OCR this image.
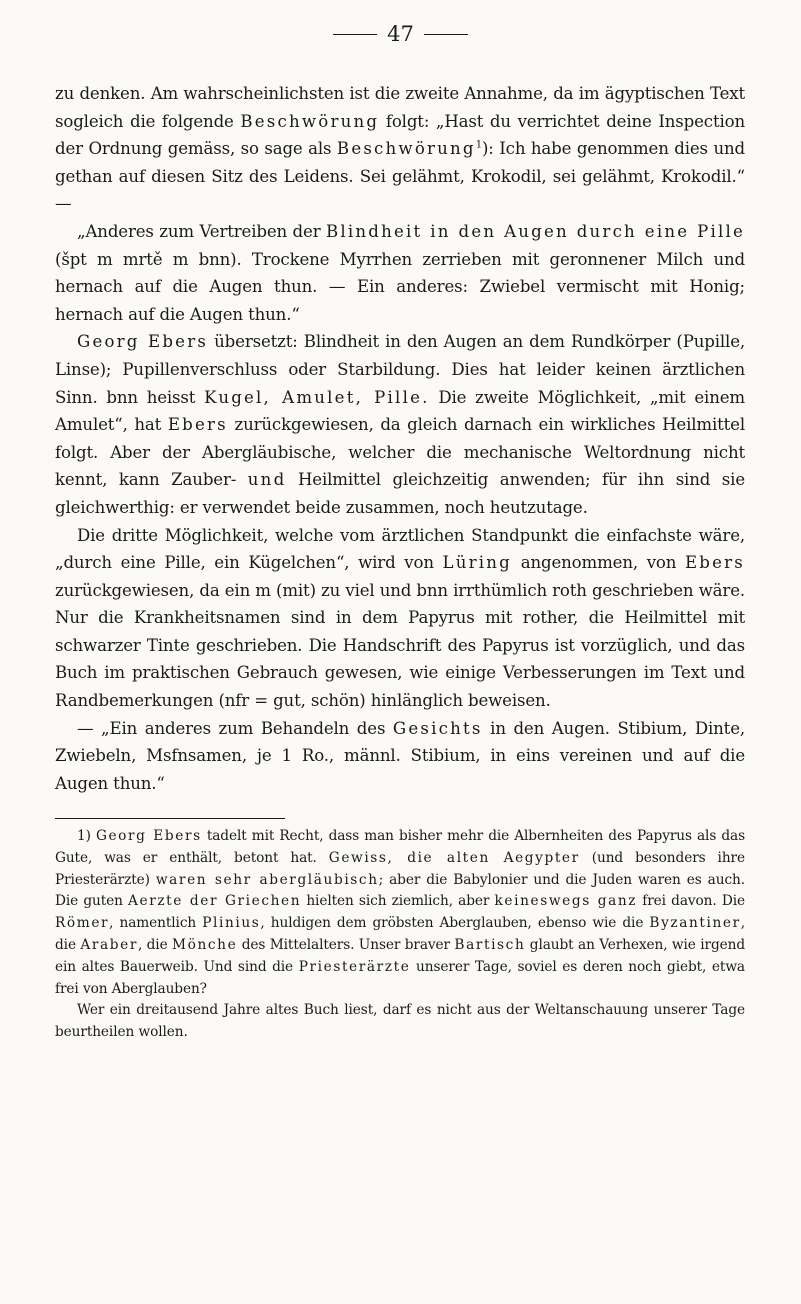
47

zu denken. Am wahrscheinlichsten ist die zweite Annahme, da im ägyptischen Text sogleich die folgende Beschwörung folgt: „Hast du verrichtet deine Inspection der Ordnung gemäss, so sage als Beschwörung$^1$): Ich habe genommen dies und gethan auf diesen Sitz des Leidens. Sei gelähmt, Krokodil, sei gelähmt, Krokodil.“ —

„Anderes zum Vertreiben der Blindheit in den Augen durch eine Pille (špt m mrtě m bnn). Trockene Myrrhen zerrieben mit geronnener Milch und hernach auf die Augen thun. — Ein anderes: Zwiebel vermischt mit Honig; hernach auf die Augen thun.“

Georg Ebers übersetzt: Blindheit in den Augen an dem Rundkörper (Pupille, Linse); Pupillenverschluss oder Starbildung. Dies hat leider keinen ärztlichen Sinn. bnn heisst Kugel, Amulet, Pille. Die zweite Möglichkeit, „mit einem Amulet“, hat Ebers zurückgewiesen, da gleich darnach ein wirkliches Heilmittel folgt. Aber der Abergläubische, welcher die mechanische Weltordnung nicht kennt, kann Zauber- und Heilmittel gleichzeitig anwenden; für ihn sind sie gleichwerthig: er verwendet beide zusammen, noch heutzutage.

Die dritte Möglichkeit, welche vom ärztlichen Standpunkt die einfachste wäre, „durch eine Pille, ein Kügelchen“, wird von Lüring angenommen, von Ebers zurückgewiesen, da ein m (mit) zu viel und bnn irrthümlich roth geschrieben wäre. Nur die Krankheitsnamen sind in dem Papyrus mit rother, die Heilmittel mit schwarzer Tinte geschrieben. Die Handschrift des Papyrus ist vorzüglich, und das Buch im praktischen Gebrauch gewesen, wie einige Verbesserungen im Text und Randbemerkungen (nfr = gut, schön) hinlänglich beweisen.

— „Ein anderes zum Behandeln des Gesichts in den Augen. Stibium, Dinte, Zwiebeln, Msfnsamen, je 1 Ro., männl. Stibium, in eins vereinen und auf die Augen thun.“

1) Georg Ebers tadelt mit Recht, dass man bisher mehr die Albernheiten des Papyrus als das Gute, was er enthält, betont hat. Gewiss, die alten Aegypter (und besonders ihre Priesterärzte) waren sehr abergläubisch; aber die Babylonier und die Juden waren es auch. Die guten Aerzte der Griechen hielten sich ziemlich, aber keineswegs ganz frei davon. Die Römer, namentlich Plinius, huldigen dem gröbsten Aberglauben, ebenso wie die Byzantiner, die Araber, die Mönche des Mittelalters. Unser braver Bartisch glaubt an Verhexen, wie irgend ein altes Bauerweib. Und sind die Priesterärzte unserer Tage, soviel es deren noch giebt, etwa frei von Aberglauben?

Wer ein dreitausend Jahre altes Buch liest, darf es nicht aus der Weltanschauung unserer Tage beurtheilen wollen.
